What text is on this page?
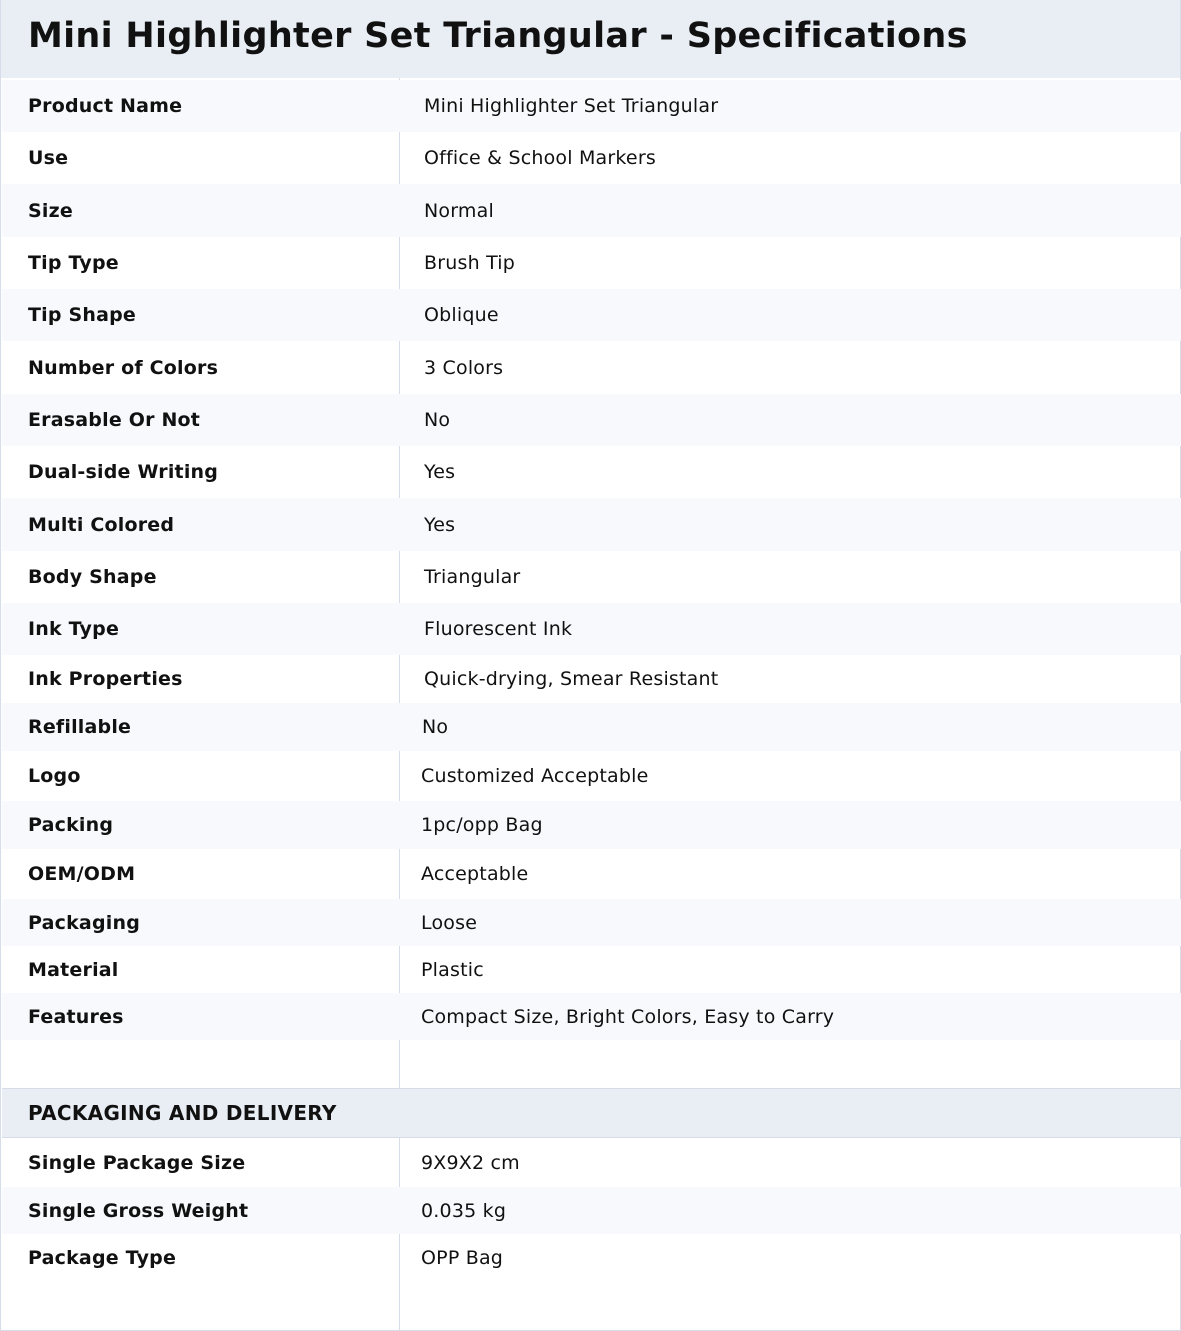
Mini Highlighter Set Triangular - Specifications
Product Name	Mini Highlighter Set Triangular
Use	Office & School Markers
Size	Normal
Tip Type	Brush Tip
Tip Shape	Oblique
Number of Colors	3 Colors
Erasable Or Not	No
Dual-side Writing	Yes
Multi Colored	Yes
Body Shape	Triangular
Ink Type	Fluorescent Ink
Ink Properties	Quick-drying, Smear Resistant
Refillable	No
Logo	Customized Acceptable
Packing	1pc/opp Bag
OEM/ODM	Acceptable
Packaging	Loose
Material	Plastic
Features	Compact Size, Bright Colors, Easy to Carry
PACKAGING AND DELIVERY
Single Package Size	9X9X2 cm
Single Gross Weight	0.035 kg
Package Type	OPP Bag
